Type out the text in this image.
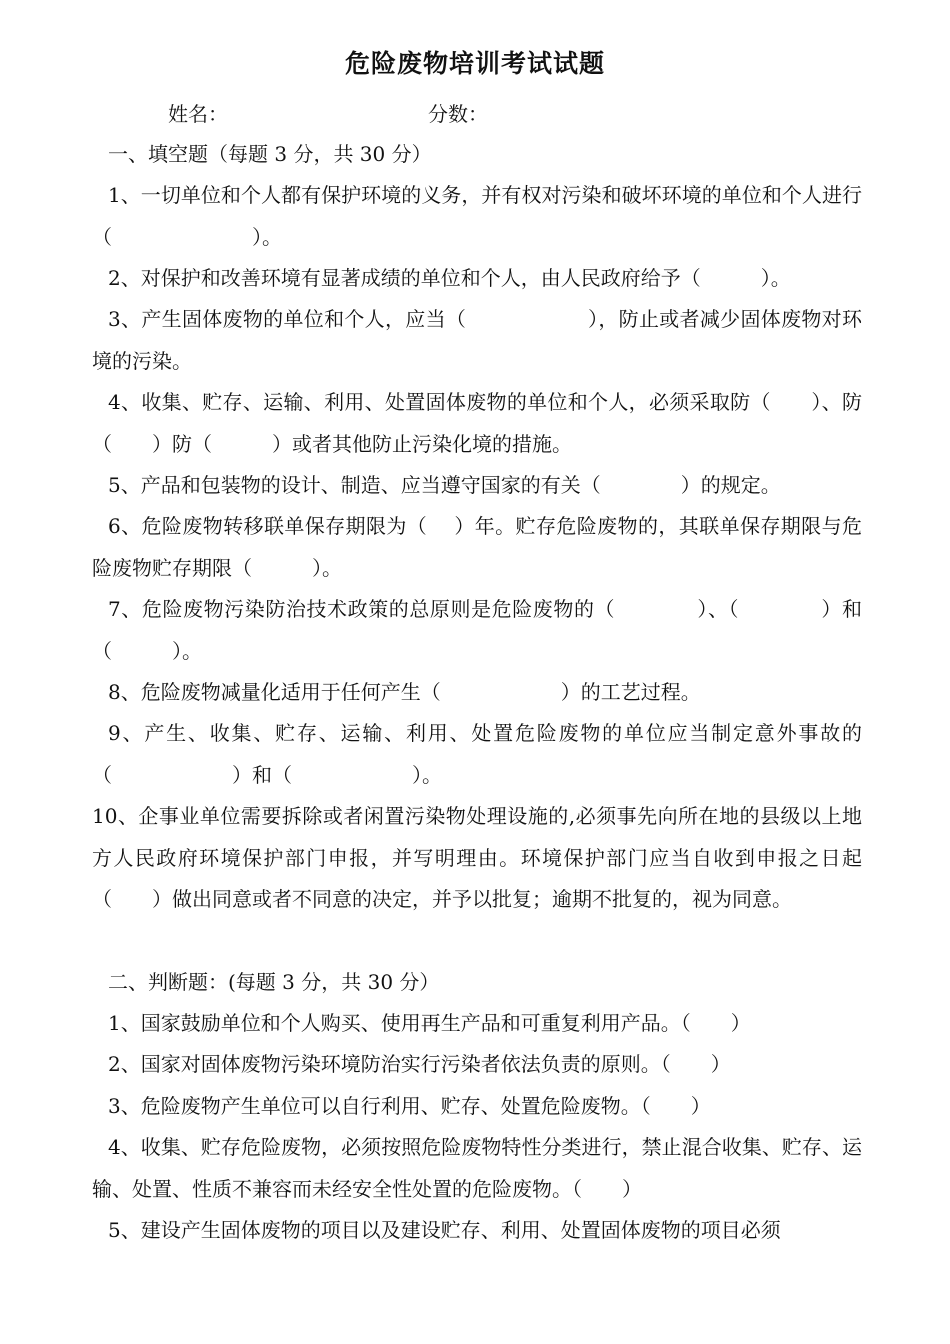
危险废物培训考试试题
姓名：	分数：
一、填空题（每题 3 分，共 30 分）
1、一切单位和个人都有保护环境的义务，并有权对污染和破坏环境的单位和个人进行（　　　　　　　）。
2、对保护和改善环境有显著成绩的单位和个人，由人民政府给予（　　　）。
3、产生固体废物的单位和个人，应当（　　　　　　），防止或者减少固体废物对环境的污染。
4、收集、贮存、运输、利用、处置固体废物的单位和个人，必须采取防（　　）、防（　　）防（　　　）或者其他防止污染化境的措施。
5、产品和包装物的设计、制造、应当遵守国家的有关（　　　　）的规定。
6、危险废物转移联单保存期限为（　 ）年。贮存危险废物的，其联单保存期限与危险废物贮存期限（　　　）。
7、危险废物污染防治技术政策的总原则是危险废物的（　　　　）、（　　　　）和（　　　）。
8、危险废物减量化适用于任何产生（　　　　　　）的工艺过程。
9、产生、收集、贮存、运输、利用、处置危险废物的单位应当制定意外事故的（　　　　　　）和（　　　　　　）。
10、企事业单位需要拆除或者闲置污染物处理设施的,必须事先向所在地的县级以上地方人民政府环境保护部门申报，并写明理由。环境保护部门应当自收到申报之日起（　　）做出同意或者不同意的决定，并予以批复；逾期不批复的，视为同意。
二、判断题：(每题 3 分，共 30 分）
1、国家鼓励单位和个人购买、使用再生产品和可重复利用产品。（　　）
2、国家对固体废物污染环境防治实行污染者依法负责的原则。（　　）
3、危险废物产生单位可以自行利用、贮存、处置危险废物。（　　）
4、收集、贮存危险废物，必须按照危险废物特性分类进行，禁止混合收集、贮存、运输、处置、性质不兼容而未经安全性处置的危险废物。（　　）
5、建设产生固体废物的项目以及建设贮存、利用、处置固体废物的项目必须
